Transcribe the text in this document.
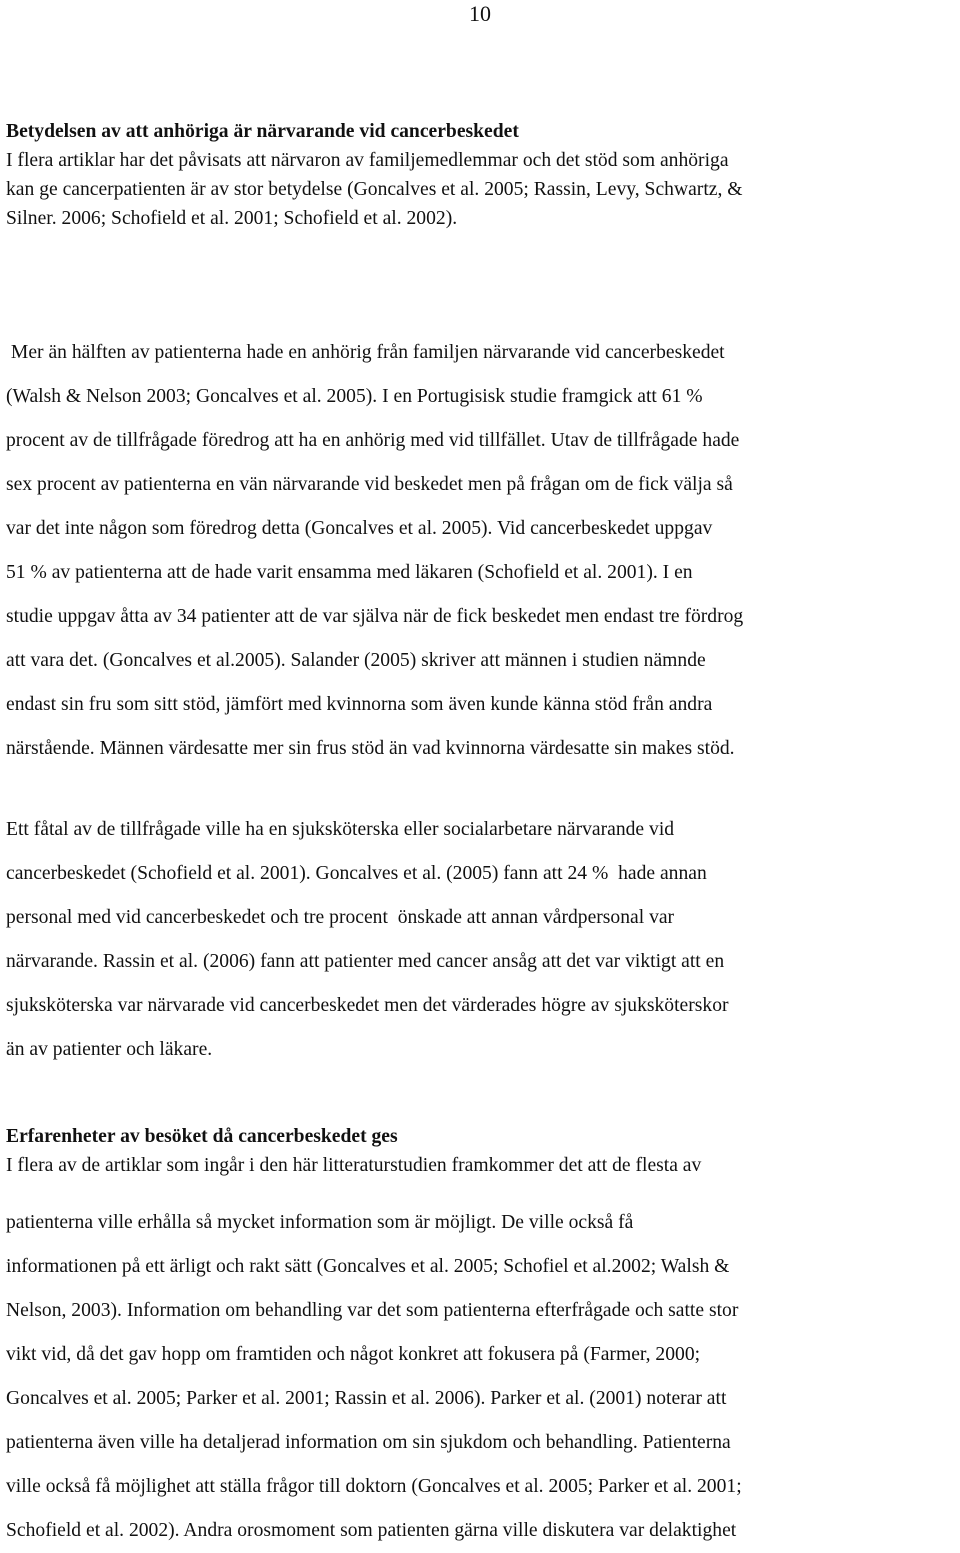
10
Betydelsen av att anhöriga är närvarande vid cancerbeskedet
I flera artiklar har det påvisats att närvaron av familjemedlemmar och det stöd som anhöriga
kan ge cancerpatienten är av stor betydelse (Goncalves et al. 2005; Rassin, Levy, Schwartz, &
Silner. 2006; Schofield et al. 2001; Schofield et al. 2002).
Mer än hälften av patienterna hade en anhörig från familjen närvarande vid cancerbeskedet
(Walsh & Nelson 2003; Goncalves et al. 2005). I en Portugisisk studie framgick att 61 %
procent av de tillfrågade föredrog att ha en anhörig med vid tillfället. Utav de tillfrågade hade
sex procent av patienterna en vän närvarande vid beskedet men på frågan om de fick välja så
var det inte någon som föredrog detta (Goncalves et al. 2005). Vid cancerbeskedet uppgav
51 % av patienterna att de hade varit ensamma med läkaren (Schofield et al. 2001). I en
studie uppgav åtta av 34 patienter att de var själva när de fick beskedet men endast tre fördrog
att vara det. (Goncalves et al.2005). Salander (2005) skriver att männen i studien nämnde
endast sin fru som sitt stöd, jämfört med kvinnorna som även kunde känna stöd från andra
närstående. Männen värdesatte mer sin frus stöd än vad kvinnorna värdesatte sin makes stöd.
Ett fåtal av de tillfrågade ville ha en sjuksköterska eller socialarbetare närvarande vid
cancerbeskedet (Schofield et al. 2001). Goncalves et al. (2005) fann att 24 %  hade annan
personal med vid cancerbeskedet och tre procent  önskade att annan vårdpersonal var
närvarande. Rassin et al. (2006) fann att patienter med cancer ansåg att det var viktigt att en
sjuksköterska var närvarade vid cancerbeskedet men det värderades högre av sjuksköterskor
än av patienter och läkare.
Erfarenheter av besöket då cancerbeskedet ges
I flera av de artiklar som ingår i den här litteraturstudien framkommer det att de flesta av
patienterna ville erhålla så mycket information som är möjligt. De ville också få
informationen på ett ärligt och rakt sätt (Goncalves et al. 2005; Schofiel et al.2002; Walsh &
Nelson, 2003). Information om behandling var det som patienterna efterfrågade och satte stor
vikt vid, då det gav hopp om framtiden och något konkret att fokusera på (Farmer, 2000;
Goncalves et al. 2005; Parker et al. 2001; Rassin et al. 2006). Parker et al. (2001) noterar att
patienterna även ville ha detaljerad information om sin sjukdom och behandling. Patienterna
ville också få möjlighet att ställa frågor till doktorn (Goncalves et al. 2005; Parker et al. 2001;
Schofield et al. 2002). Andra orosmoment som patienten gärna ville diskutera var delaktighet
